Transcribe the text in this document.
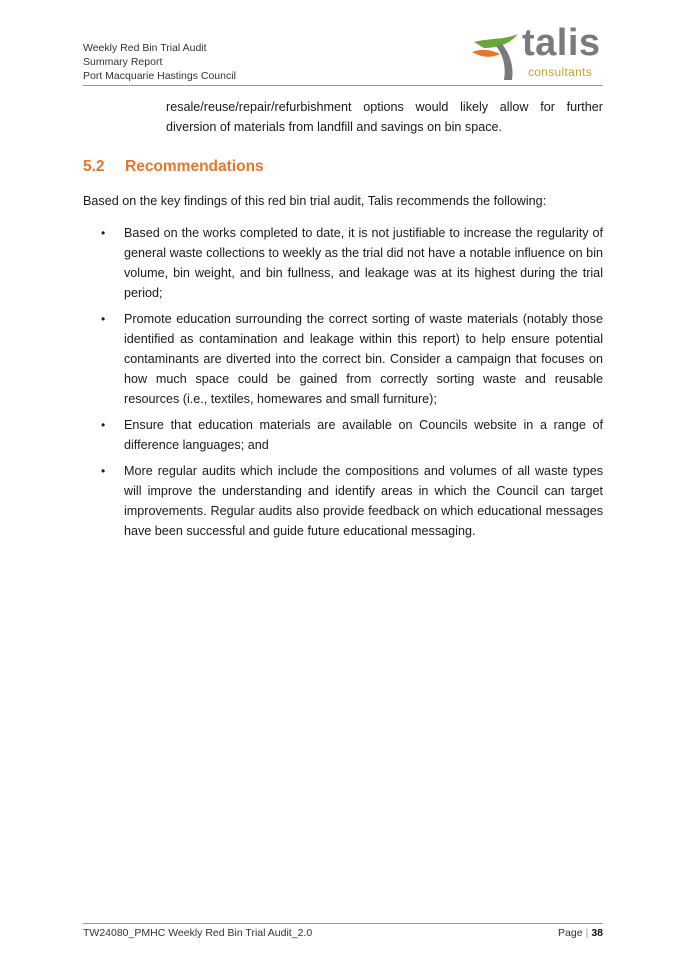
Weekly Red Bin Trial Audit
Summary Report
Port Macquarie Hastings Council
talis
consultants

resale/reuse/repair/refurbishment options would likely allow for further diversion of materials from landfill and savings on bin space.

5.2 Recommendations

Based on the key findings of this red bin trial audit, Talis recommends the following:

• Based on the works completed to date, it is not justifiable to increase the regularity of general waste collections to weekly as the trial did not have a notable influence on bin volume, bin weight, and bin fullness, and leakage was at its highest during the trial period;
• Promote education surrounding the correct sorting of waste materials (notably those identified as contamination and leakage within this report) to help ensure potential contaminants are diverted into the correct bin. Consider a campaign that focuses on how much space could be gained from correctly sorting waste and reusable resources (i.e., textiles, homewares and small furniture);
• Ensure that education materials are available on Councils website in a range of difference languages; and
• More regular audits which include the compositions and volumes of all waste types will improve the understanding and identify areas in which the Council can target improvements. Regular audits also provide feedback on which educational messages have been successful and guide future educational messaging.
TW24080_PMHC Weekly Red Bin Trial Audit_2.0	Page | 38
